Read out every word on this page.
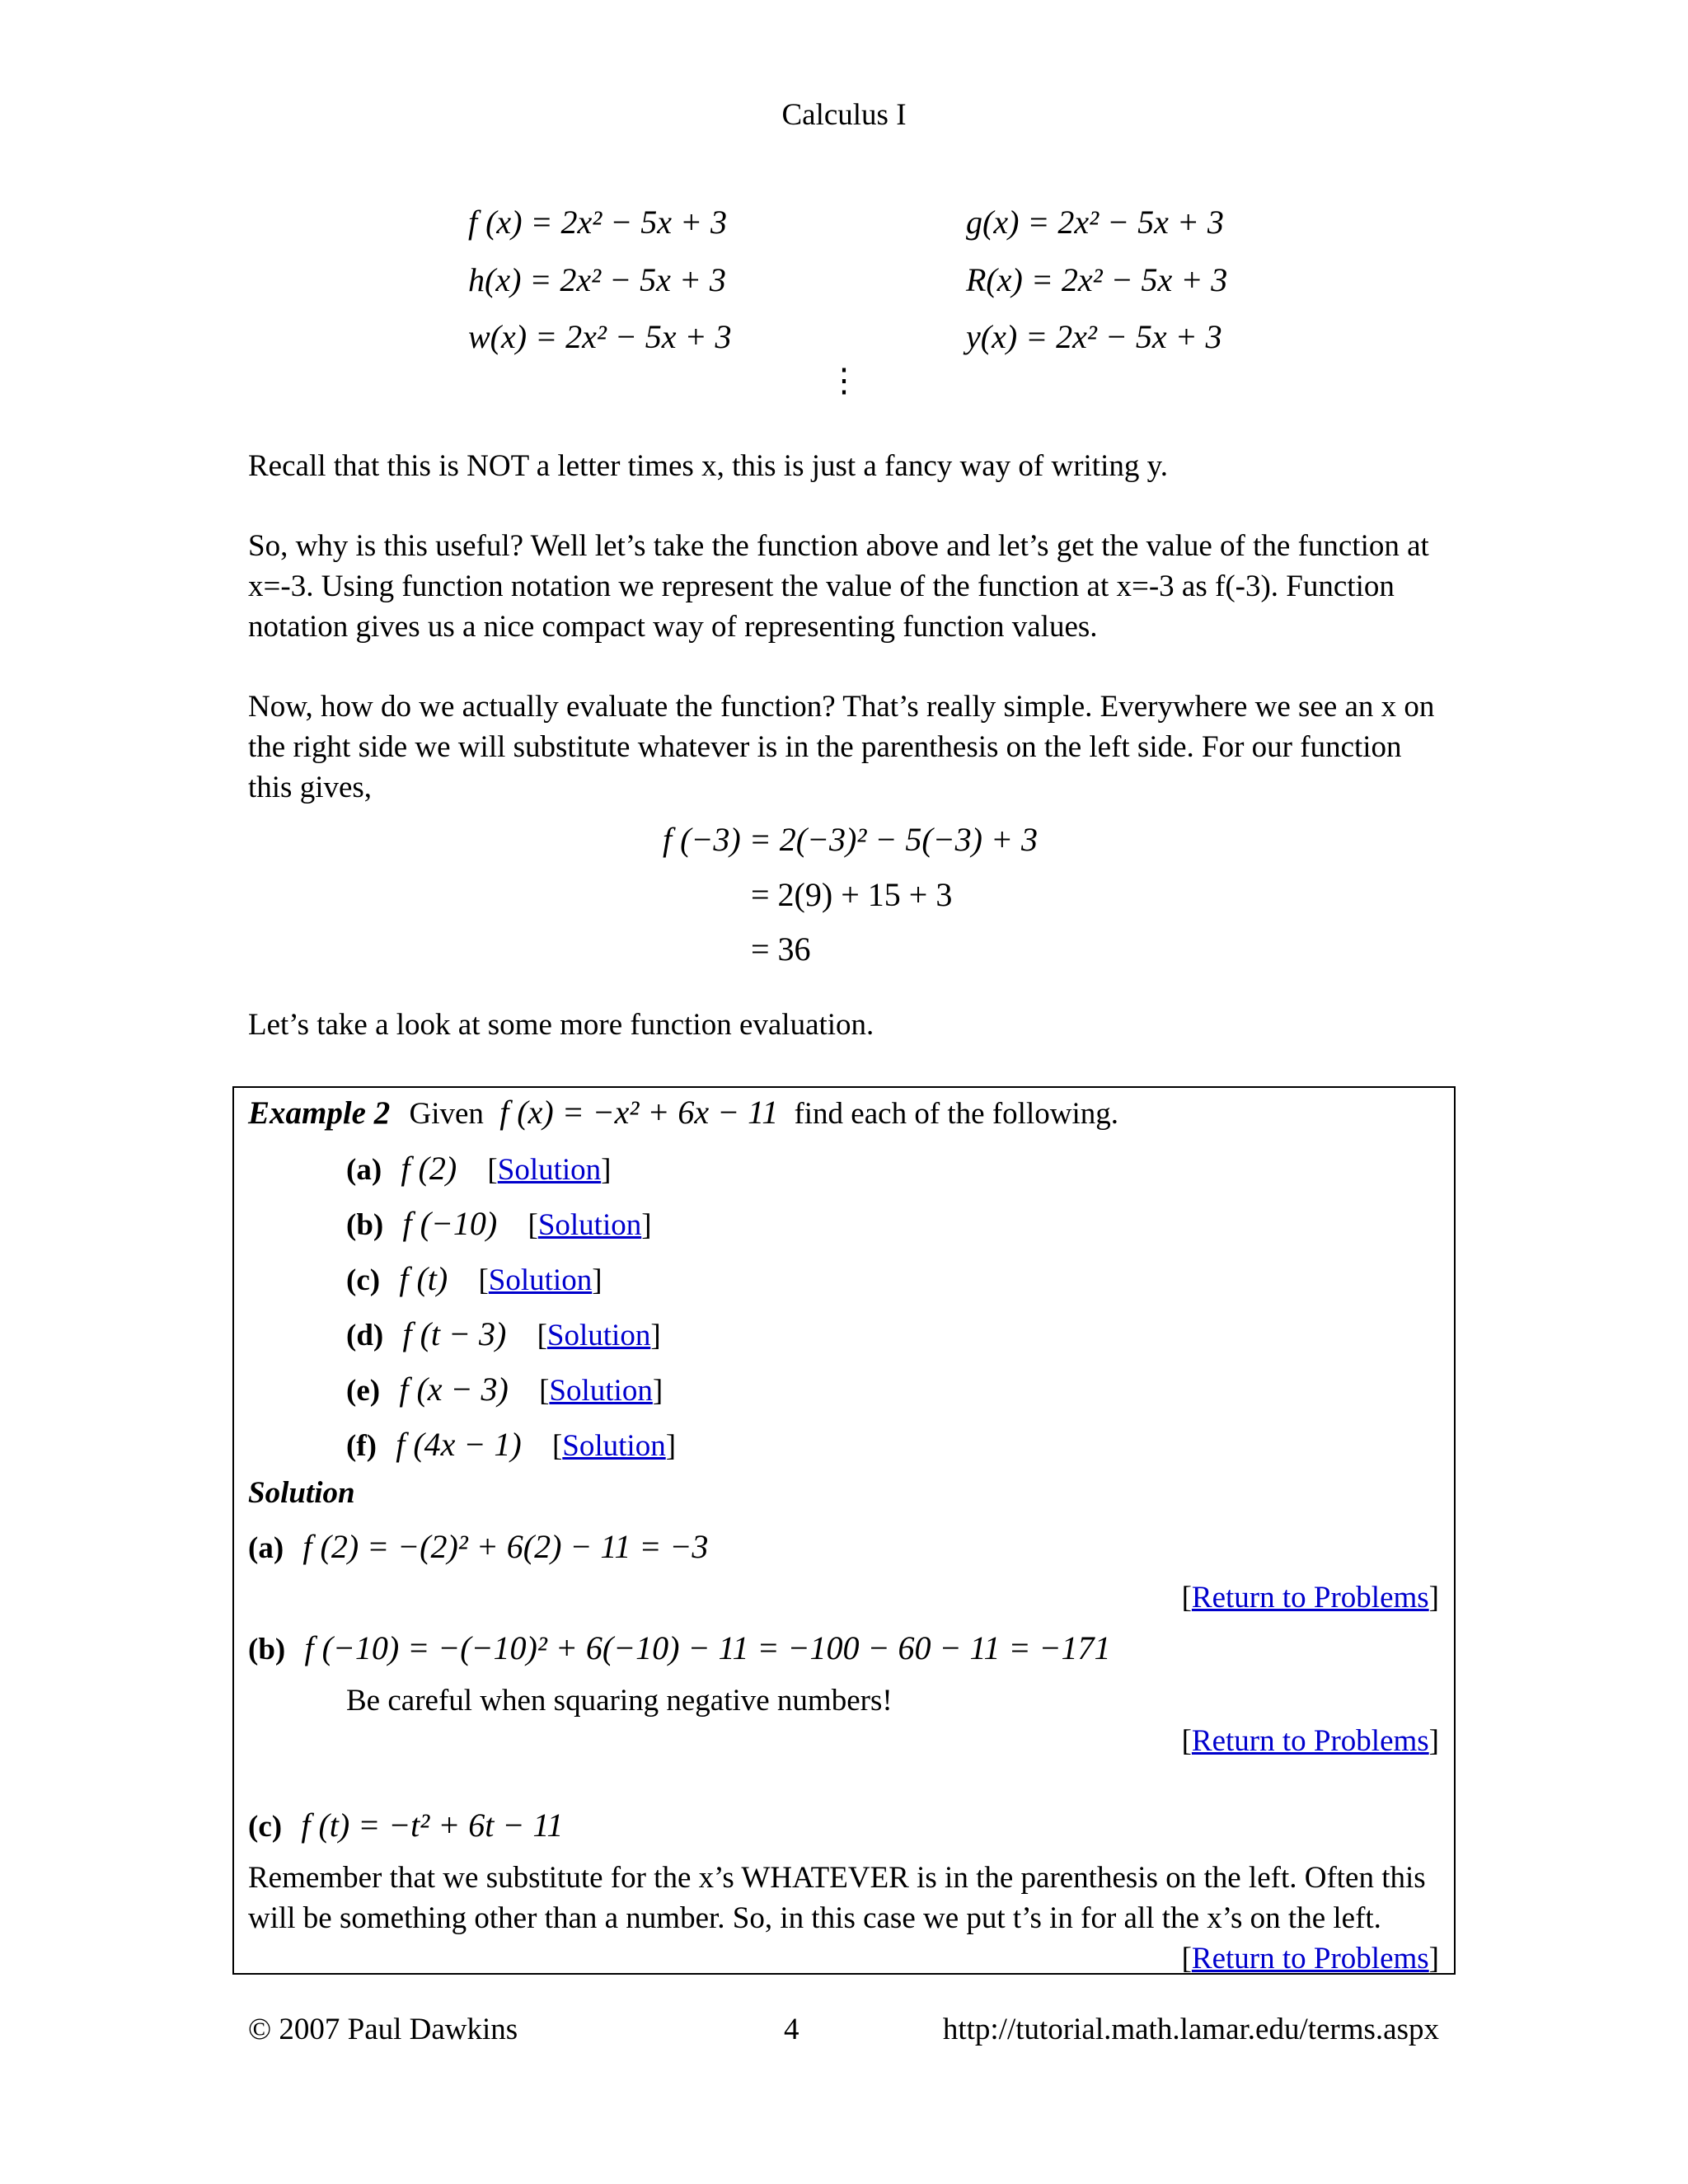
Calculus I
f (x) = 2x² − 5x + 3
h(x) = 2x² − 5x + 3
w(x) = 2x² − 5x + 3
g(x) = 2x² − 5x + 3
R(x) = 2x² − 5x + 3
y(x) = 2x² − 5x + 3
⋮
Recall that this is NOT a letter times x, this is just a fancy way of writing y.
So, why is this useful? Well let’s take the function above and let’s get the value of the function at x=-3. Using function notation we represent the value of the function at x=-3 as f(-3). Function notation gives us a nice compact way of representing function values.
Now, how do we actually evaluate the function? That’s really simple. Everywhere we see an x on the right side we will substitute whatever is in the parenthesis on the left side. For our function this gives,
f (−3) = 2(−3)² − 5(−3) + 3
= 2(9) + 15 + 3
= 36
Let’s take a look at some more function evaluation.
Example 2 Given f (x) = −x² + 6x − 11 find each of the following.
(a) f (2) [Solution]
(b) f (−10) [Solution]
(c) f (t) [Solution]
(d) f (t − 3) [Solution]
(e) f (x − 3) [Solution]
(f) f (4x − 1) [Solution]
Solution
(a) f (2) = −(2)² + 6(2) − 11 = −3
[Return to Problems]
(b) f (−10) = −(−10)² + 6(−10) − 11 = −100 − 60 − 11 = −171
Be careful when squaring negative numbers!
[Return to Problems]
(c) f (t) = −t² + 6t − 11
Remember that we substitute for the x’s WHATEVER is in the parenthesis on the left. Often this will be something other than a number. So, in this case we put t’s in for all the x’s on the left.
[Return to Problems]
© 2007 Paul Dawkins	4	http://tutorial.math.lamar.edu/terms.aspx
